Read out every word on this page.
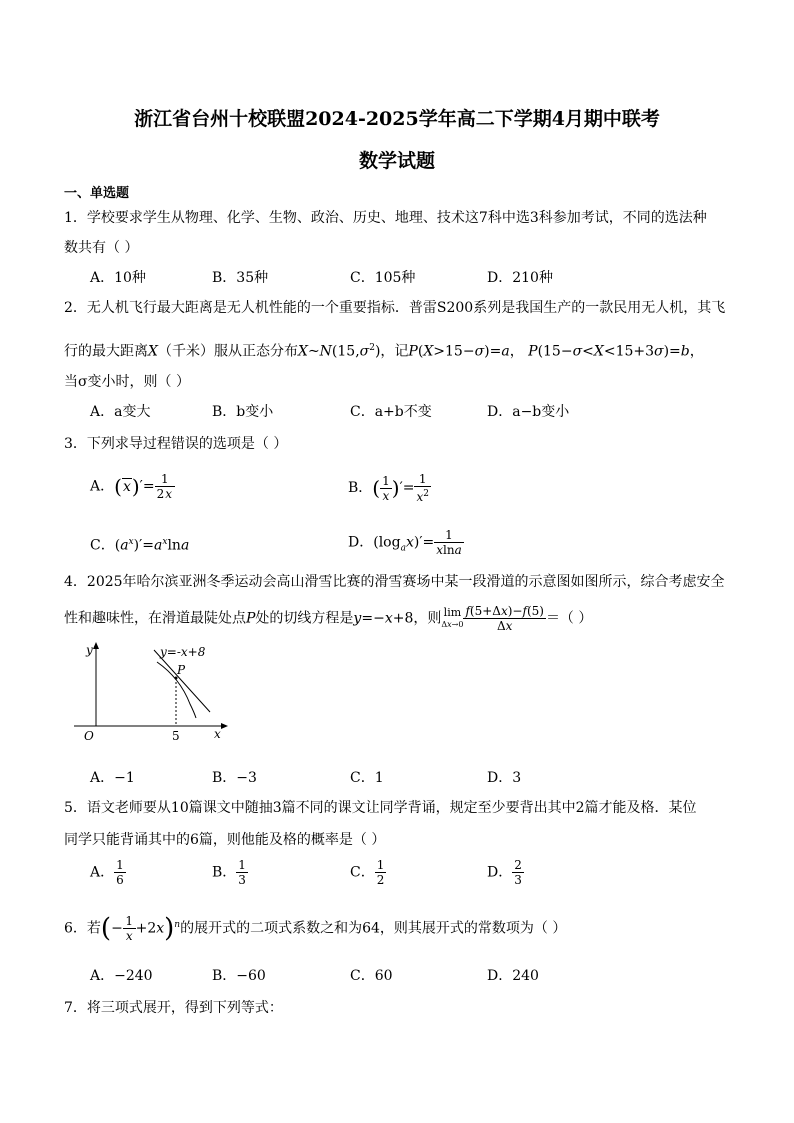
浙江省台州十校联盟2024-2025学年高二下学期4月期中联考
数学试题
一、单选题
1．学校要求学生从物理、化学、生物、政治、历史、地理、技术这7科中选3科参加考试，不同的选法种
数共有（ ）
A．10种	B．35种	C．105种	D．210种
2．无人机飞行最大距离是无人机性能的一个重要指标．普雷S200系列是我国生产的一款民用无人机，其飞
行的最大距离X（千米）服从正态分布$X\sim N(15,\sigma^2)$，记P(X>15−σ)=a， P(15−σ<X<15+3σ)=b，
当σ变小时，则（ ）
A．a变大	B．b变小	C．a+b不变	D．a−b变小
3．下列求导过程错误的选项是（ ）
A．$(x)'= \frac{1}{2x}$	B．( $\frac{1}{x}$ )′= $\frac{1}{x^2}$
C．$(a^x)'=a^x\ln a$	D．$(\log_ax)'= \frac{1}{xlna}$
4．2025年哈尔滨亚洲冬季运动会高山滑雪比赛的滑雪赛场中某一段滑道的示意图如图所示，综合考虑安全
性和趣味性，在滑道最陡处点P处的切线方程是y=−x+8，则 lim
$\Delta x\to 0 \frac{f(5+\Delta x)-f(5)}{\Delta x}$ ＝（ ）
y
x
O
P
5
y=-x+8
A．−1	B．−3	C．1	D．3
5．语文老师要从10篇课文中随抽3篇不同的课文让同学背诵，规定至少要背出其中2篇才能及格．某位
同学只能背诵其中的6篇，则他能及格的概率是（ ）
A． $\frac{1}{6}$	B． $\frac{1}{3}$	C． $\frac{1}{2}$	D． $\frac{2}{3}$
6．若(− $\frac{1}{x} +2x)^n$的展开式的二项式系数之和为64，则其展开式的常数项为（ ）
A．−240	B．−60	C．60	D．240
7．将三项式展开，得到下列等式：
